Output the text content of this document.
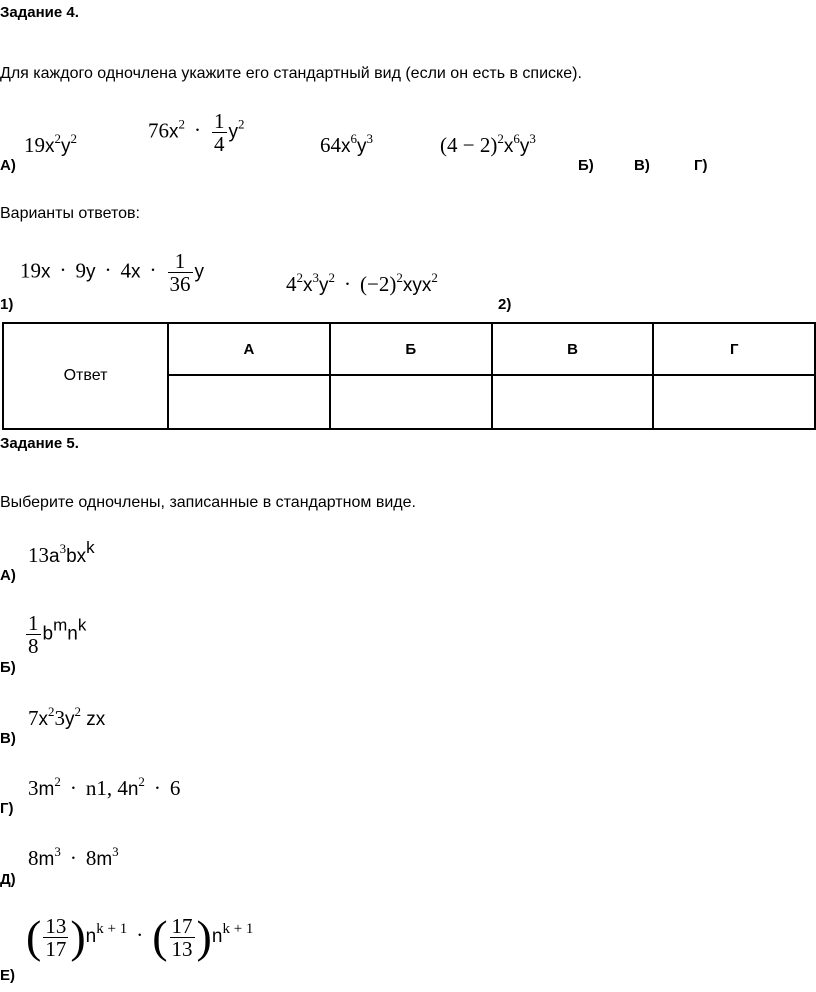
Задание 4.
Для каждого одночлена укажите его стандартный вид (если он есть в списке).
А)
$19x^2y^2$	$76x^2 \cdot \frac{1}{4} y^2$
$64x^6y^3$	$(4 - 2)^2x^6y^3$
Б)	В)	Г)
Варианты ответов:
1)
$19x \cdot 9y \cdot 4x \cdot \frac{1}{36}$ y
$4^2x^3y^2 \cdot (-2)^2xyx^2$
2)
Ответ	А	Б	В	Г

Задание 5.
Выберите одночлены, записанные в стандартном виде.
А)
$13a^3bx^k$
Б)
$\frac{1}{8} b^mn^k$
В)
$7x^23y^2$ zx
Г)
$3m^2 \cdot n1$, $4n^2 \cdot 6$
Д)
$8m^3 \cdot 8m^3$
Е)
( $\frac{13}{17} )n^{k + 1}$ · ( $\frac{17}{13} )n^{k + 1}$
